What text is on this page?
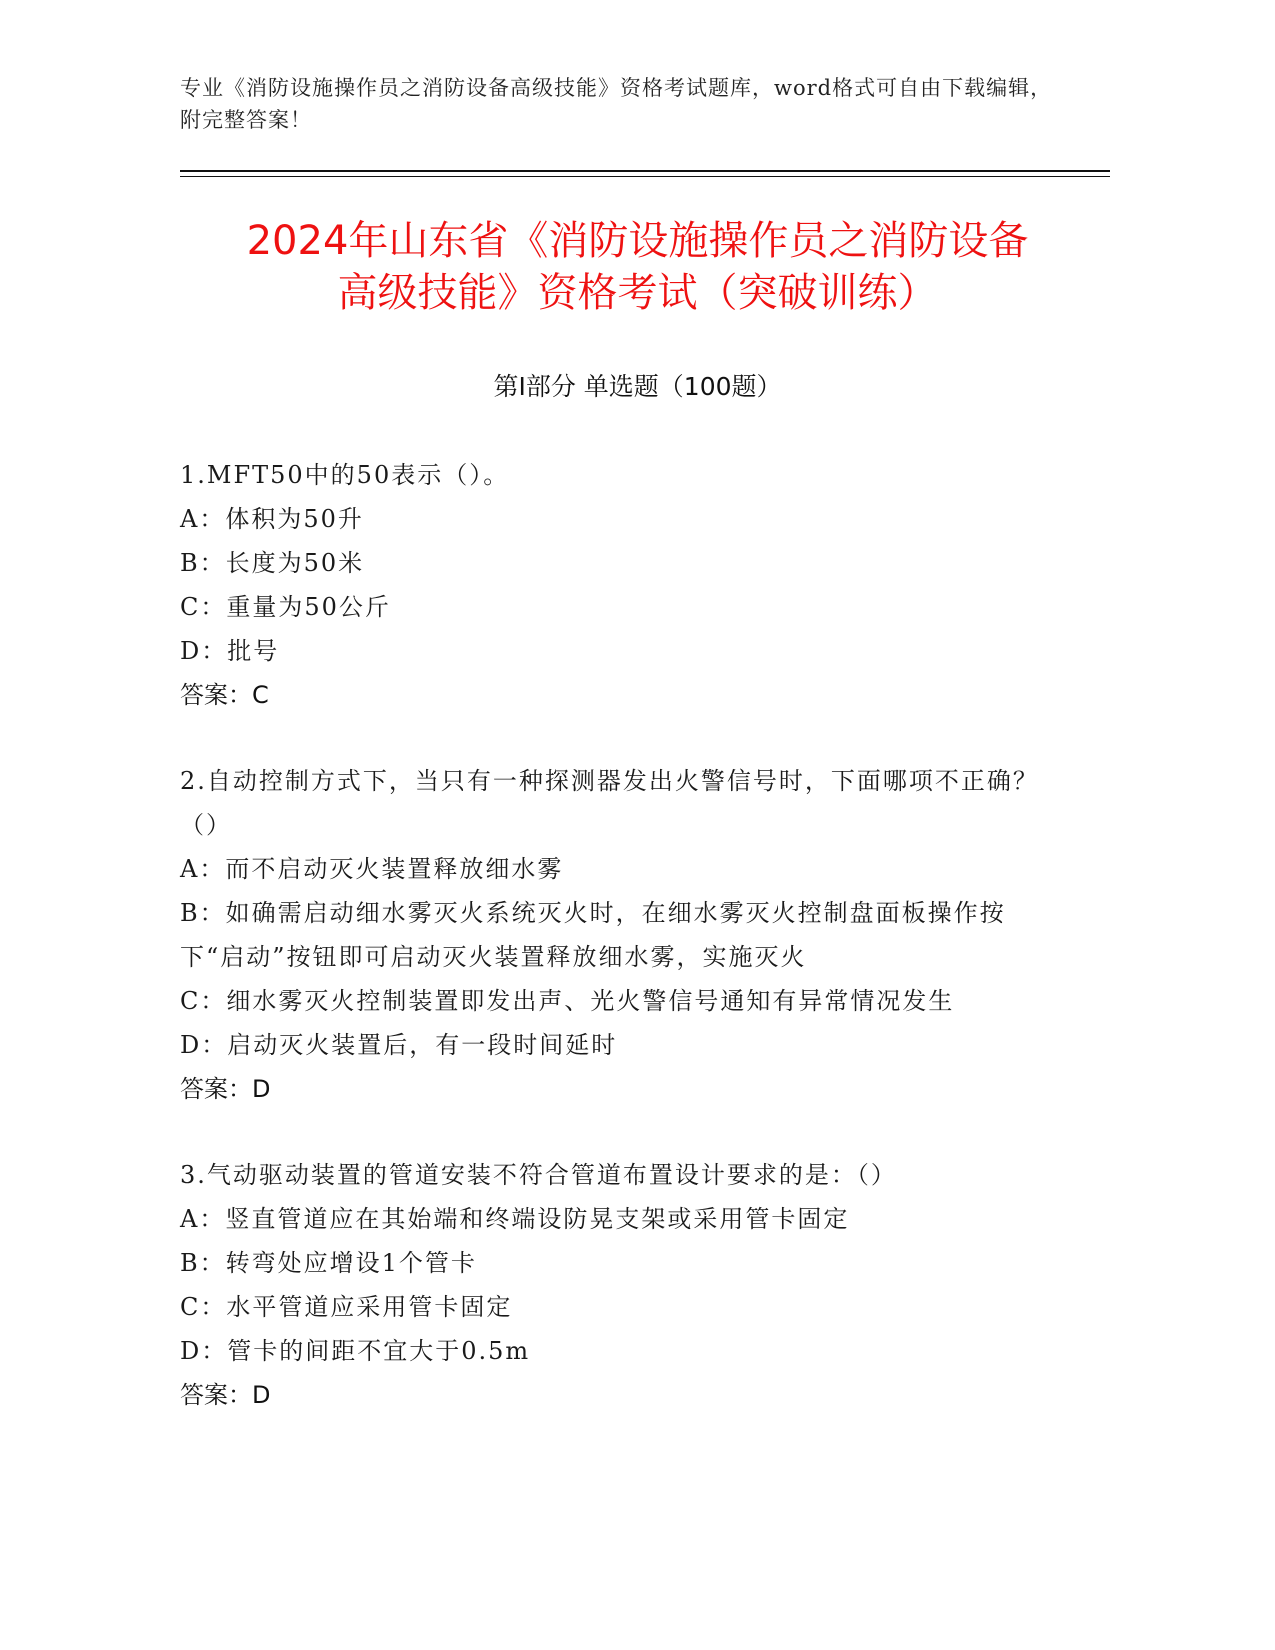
专业《消防设施操作员之消防设备高级技能》资格考试题库，word格式可自由下载编辑，附完整答案！
2024年山东省《消防设施操作员之消防设备
高级技能》资格考试（突破训练）
第Ⅰ部分 单选题（100题）
1.MFT50中的50表示（）。
A：体积为50升
B：长度为50米
C：重量为50公斤
D：批号
答案：C
2.自动控制方式下，当只有一种探测器发出火警信号时，下面哪项不正确？（）
A：而不启动灭火装置释放细水雾
B：如确需启动细水雾灭火系统灭火时，在细水雾灭火控制盘面板操作按下“启动”按钮即可启动灭火装置释放细水雾，实施灭火
C：细水雾灭火控制装置即发出声、光火警信号通知有异常情况发生
D：启动灭火装置后，有一段时间延时
答案：D
3.气动驱动装置的管道安装不符合管道布置设计要求的是：（）
A：竖直管道应在其始端和终端设防晃支架或采用管卡固定
B：转弯处应增设1个管卡
C：水平管道应采用管卡固定
D：管卡的间距不宜大于0.5m
答案：D
